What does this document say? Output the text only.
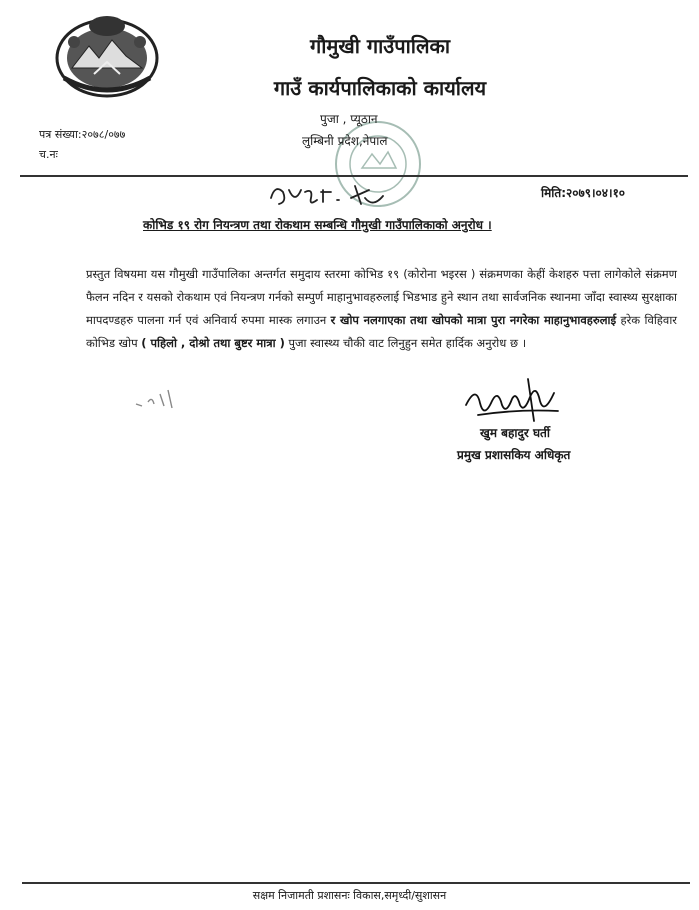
गौमुखी गाउँपालिका
गाउँ कार्यपालिकाको कार्यालय
पुजा , प्यूठान
लुम्बिनी प्रदेश,नेपाल
पत्र संख्या:२०७८/०७७
च.नः
मिति:२०७९।०४।१०
कोभिड १९ रोग नियन्त्रण तथा रोकथाम सम्बन्धि गौमुखी गाउँपालिकाको अनुरोध ।
प्रस्तुत विषयमा यस गौमुखी गाउँपालिका अन्तर्गत समुदाय स्तरमा कोभिड १९ (कोरोना भइरस ) संक्रमणका केहीं केशहरु पत्ता लागेकोले संक्रमण फैलन नदिन र यसको रोकथाम एवं नियन्त्रण गर्नको सम्पुर्ण माहानुभावहरुलाई भिडभाड हुने स्थान तथा सार्वजनिक स्थानमा जाँदा स्वास्थ्य सुरक्षाका मापदण्डहरु पालना गर्न एवं अनिवार्य रुपमा मास्क लगाउन र खोप नलगाएका तथा खोपको मात्रा पुरा नगरेका माहानुभावहरुलाई हरेक विहिवार कोभिड खोप ( पहिलो , दोश्रो तथा बुष्टर मात्रा ) पुजा स्वास्थ्य चौकी वाट लिनुहुन समेत हार्दिक अनुरोध छ ।
खुम बहादुर घर्ती
प्रमुख प्रशासकिय अधिकृत
सक्षम निजामती प्रशासनः विकास,समृध्दी/सुशासन
